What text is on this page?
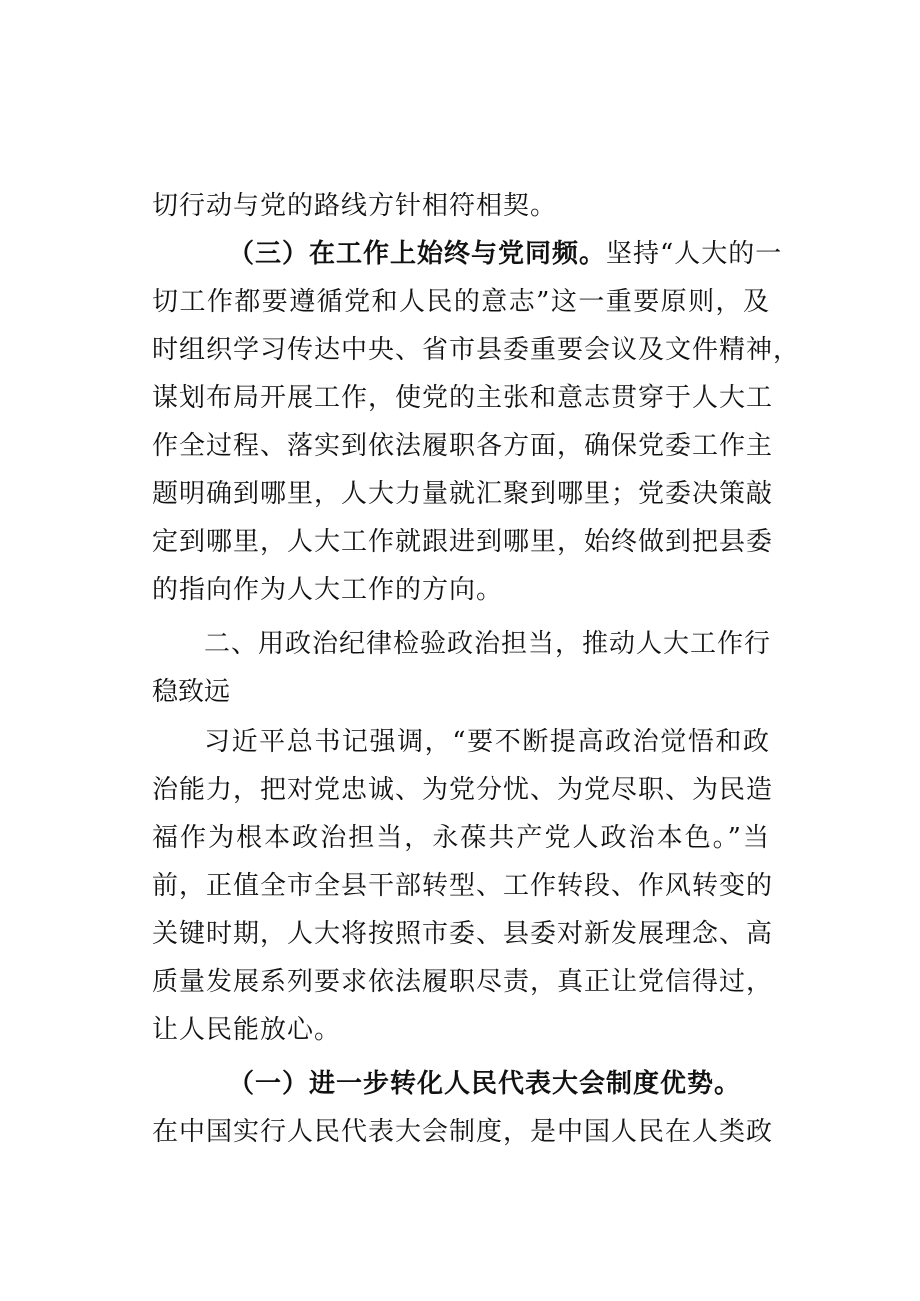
切行动与党的路线方针相符相契。
（三）在工作上始终与党同频。坚持“人大的一
切工作都要遵循党和人民的意志”这一重要原则，及
时组织学习传达中央、省市县委重要会议及文件精神，
谋划布局开展工作，使党的主张和意志贯穿于人大工
作全过程、落实到依法履职各方面，确保党委工作主
题明确到哪里，人大力量就汇聚到哪里；党委决策敲
定到哪里，人大工作就跟进到哪里，始终做到把县委
的指向作为人大工作的方向。
二、用政治纪律检验政治担当，推动人大工作行
稳致远
习近平总书记强调，“要不断提高政治觉悟和政
治能力，把对党忠诚、为党分忧、为党尽职、为民造
福作为根本政治担当，永葆共产党人政治本色。”当
前，正值全市全县干部转型、工作转段、作风转变的
关键时期，人大将按照市委、县委对新发展理念、高
质量发展系列要求依法履职尽责，真正让党信得过，
让人民能放心。
（一）进一步转化人民代表大会制度优势。
在中国实行人民代表大会制度，是中国人民在人类政
